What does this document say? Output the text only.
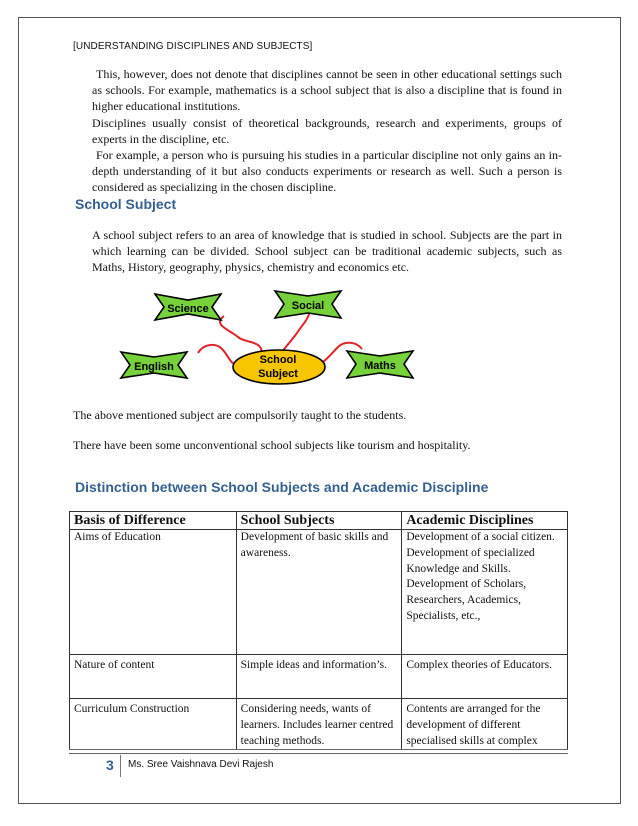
[UNDERSTANDING DISCIPLINES AND SUBJECTS]

This, however, does not denote that disciplines cannot be seen in other educational settings such as schools. For example, mathematics is a school subject that is also a discipline that is found in higher educational institutions.

Disciplines usually consist of theoretical backgrounds, research and experiments, groups of experts in the discipline, etc.

For example, a person who is pursuing his studies in a particular discipline not only gains an in-depth understanding of it but also conducts experiments or research as well. Such a person is considered as specializing in the chosen discipline.

School Subject

A school subject refers to an area of knowledge that is studied in school. Subjects are the part in which learning can be divided. School subject can be traditional academic subjects, such as Maths, History, geography, physics, chemistry and economics etc.

Science	Social
English	Maths
School
Subject
The above mentioned subject are compulsorily taught to the students.
There have been some unconventional school subjects like tourism and hospitality.
Distinction between School Subjects and Academic Discipline
Basis of Difference	School Subjects	Academic Disciplines
Aims of Education	Development of basic skills and awareness.	Development of a social citizen. Development of specialized Knowledge and Skills. Development of Scholars,
Researchers, Academics, Specialists, etc.,

Nature of content	Simple ideas and information’s.	Complex theories of Educators.
Curriculum Construction	Considering needs, wants of learners. Includes learner centred teaching methods.	Contents are arranged for the development of different specialised skills at complex
3 Ms. Sree Vaishnava Devi Rajesh
